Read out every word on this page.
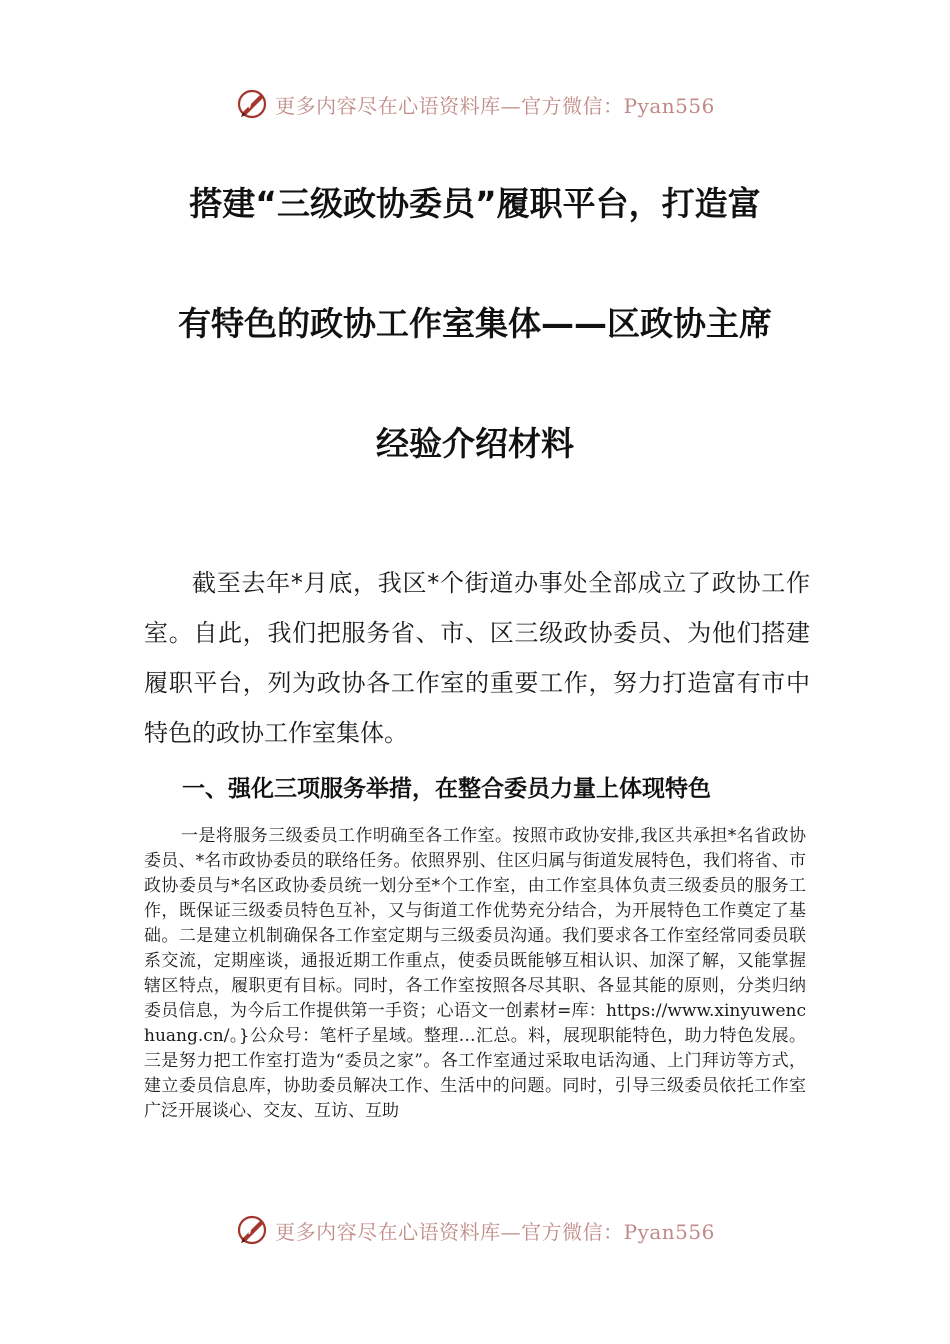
更多内容尽在心语资料库—官方微信：Pyan556
搭建“三级政协委员”履职平台，打造富
有特色的政协工作室集体——区政协主席
经验介绍材料

截至去年*月底，我区*个街道办事处全部成立了政协工作室。自此，我们把服务省、市、区三级政协委员、为他们搭建履职平台，列为政协各工作室的重要工作，努力打造富有市中特色的政协工作室集体。

一、强化三项服务举措，在整合委员力量上体现特色

一是将服务三级委员工作明确至各工作室。按照市政协安排,我区共承担*名省政协委员、*名市政协委员的联络任务。依照界别、住区归属与街道发展特色，我们将省、市政协委员与*名区政协委员统一划分至*个工作室，由工作室具体负责三级委员的服务工作，既保证三级委员特色互补，又与街道工作优势充分结合，为开展特色工作奠定了基础。二是建立机制确保各工作室定期与三级委员沟通。我们要求各工作室经常同委员联系交流，定期座谈，通报近期工作重点，使委员既能够互相认识、加深了解，又能掌握辖区特点，履职更有目标。同时，各工作室按照各尽其职、各显其能的原则，分类归纳委员信息，为今后工作提供第一手资；心语文一创素材=库：https://www.xinyuwenchuang.cn/。}公众号：笔杆子星域。整理…汇总。料，展现职能特色，助力特色发展。三是努力把工作室打造为“委员之家”。各工作室通过采取电话沟通、上门拜访等方式，建立委员信息库，协助委员解决工作、生活中的问题。同时，引导三级委员依托工作室广泛开展谈心、交友、互访、互助

更多内容尽在心语资料库—官方微信：Pyan556
